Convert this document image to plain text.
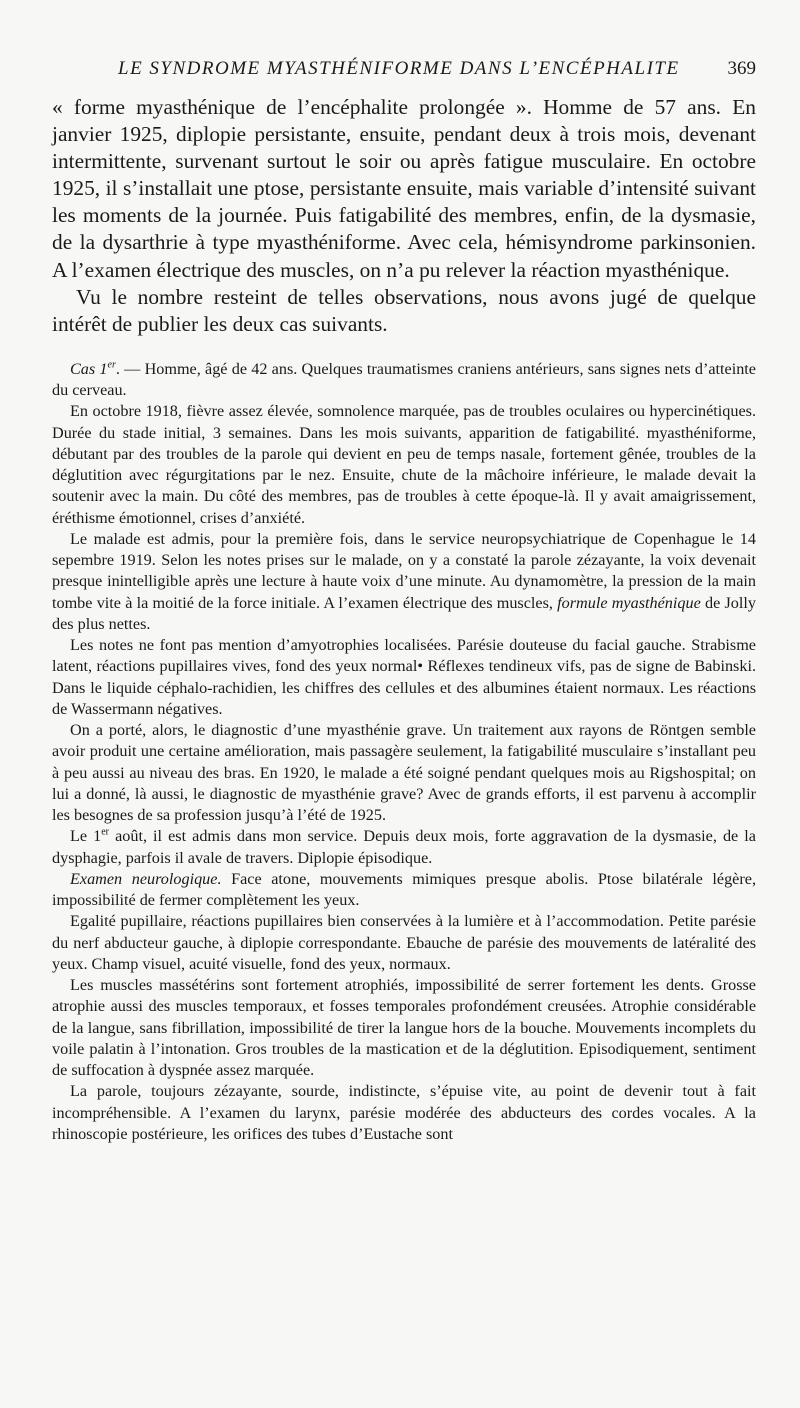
LE SYNDROME MYASTHÉNIFORME DANS L’ENCÉPHALITE	369

« forme myasthénique de l’encéphalite prolongée ». Homme de 57 ans. En janvier 1925, diplopie persistante, ensuite, pendant deux à trois mois, devenant intermittente, survenant surtout le soir ou après fatigue musculaire. En octobre 1925, il s’installait une ptose, persistante ensuite, mais variable d’intensité suivant les moments de la journée. Puis fatigabilité des membres, enfin, de la dysmasie, de la dysarthrie à type myasthéniforme. Avec cela, hémisyndrome parkinsonien. A l’examen électrique des muscles, on n’a pu relever la réaction myasthénique.

Vu le nombre resteint de telles observations, nous avons jugé de quelque intérêt de publier les deux cas suivants.

Cas 1er. — Homme, âgé de 42 ans. Quelques traumatismes craniens antérieurs, sans signes nets d’atteinte du cerveau.

En octobre 1918, fièvre assez élevée, somnolence marquée, pas de troubles oculaires ou hypercinétiques. Durée du stade initial, 3 semaines. Dans les mois suivants, apparition de fatigabilité. myasthéniforme, débutant par des troubles de la parole qui devient en peu de temps nasale, fortement gênée, troubles de la déglutition avec régurgitations par le nez. Ensuite, chute de la mâchoire inférieure, le malade devait la soutenir avec la main. Du côté des membres, pas de troubles à cette époque-là. Il y avait amaigrissement, éréthisme émotionnel, crises d’anxiété.

Le malade est admis, pour la première fois, dans le service neuropsychiatrique de Copenhague le 14 sepembre 1919. Selon les notes prises sur le malade, on y a constaté la parole zézayante, la voix devenait presque inintelligible après une lecture à haute voix d’une minute. Au dynamomètre, la pression de la main tombe vite à la moitié de la force initiale. A l’examen électrique des muscles, formule myasthénique de Jolly des plus nettes.

Les notes ne font pas mention d’amyotrophies localisées. Parésie douteuse du facial gauche. Strabisme latent, réactions pupillaires vives, fond des yeux normal• Réflexes tendineux vifs, pas de signe de Babinski. Dans le liquide céphalo-rachidien, les chiffres des cellules et des albumines étaient normaux. Les réactions de Wassermann négatives.

On a porté, alors, le diagnostic d’une myasthénie grave. Un traitement aux rayons de Röntgen semble avoir produit une certaine amélioration, mais passagère seulement, la fatigabilité musculaire s’installant peu à peu aussi au niveau des bras. En 1920, le malade a été soigné pendant quelques mois au Rigshospital; on lui a donné, là aussi, le diagnostic de myasthénie grave? Avec de grands efforts, il est parvenu à accomplir les besognes de sa profession jusqu’à l’été de 1925.

Le 1er août, il est admis dans mon service. Depuis deux mois, forte aggravation de la dysmasie, de la dysphagie, parfois il avale de travers. Diplopie épisodique.

Examen neurologique. Face atone, mouvements mimiques presque abolis. Ptose bilatérale légère, impossibilité de fermer complètement les yeux.

Egalité pupillaire, réactions pupillaires bien conservées à la lumière et à l’accommodation. Petite parésie du nerf abducteur gauche, à diplopie correspondante. Ebauche de parésie des mouvements de latéralité des yeux. Champ visuel, acuité visuelle, fond des yeux, normaux.

Les muscles massétérins sont fortement atrophiés, impossibilité de serrer fortement les dents. Grosse atrophie aussi des muscles temporaux, et fosses temporales profondément creusées. Atrophie considérable de la langue, sans fibrillation, impossibilité de tirer la langue hors de la bouche. Mouvements incomplets du voile palatin à l’intonation. Gros troubles de la mastication et de la déglutition. Episodiquement, sentiment de suffocation à dyspnée assez marquée.

La parole, toujours zézayante, sourde, indistincte, s’épuise vite, au point de devenir tout à fait incompréhensible. A l’examen du larynx, parésie modérée des abducteurs des cordes vocales. A la rhinoscopie postérieure, les orifices des tubes d’Eustache sont
